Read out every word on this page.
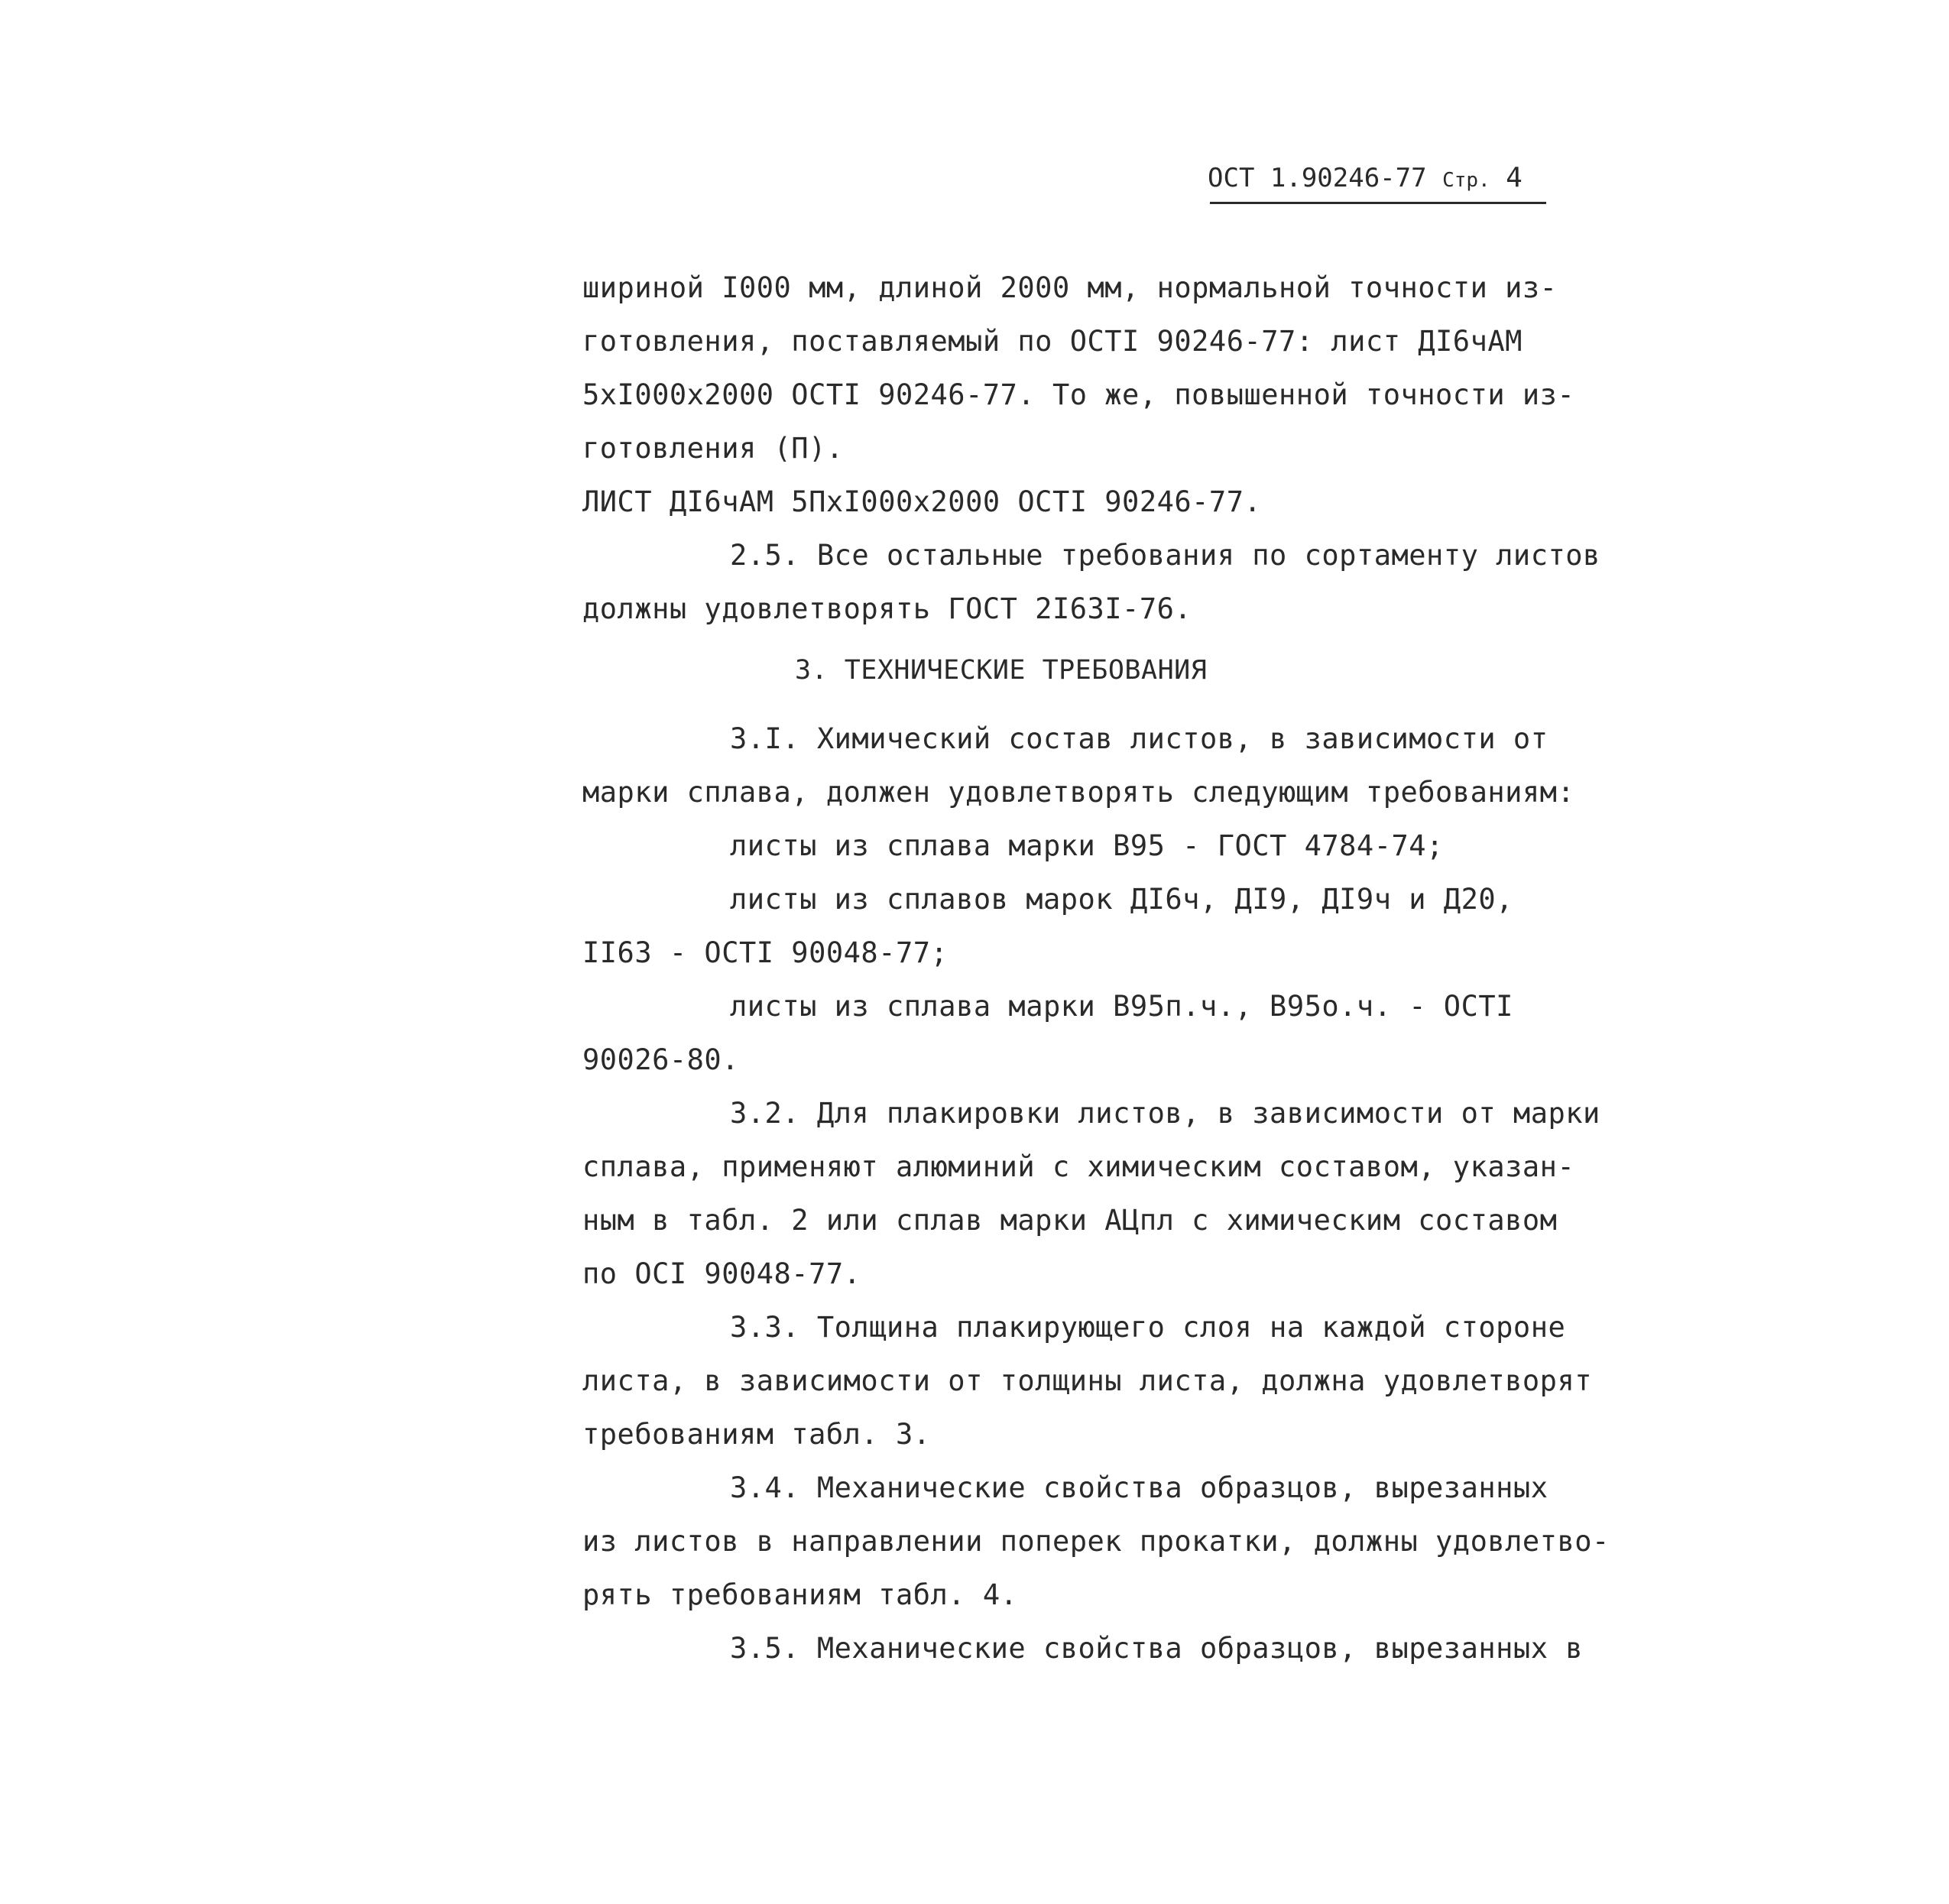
ОСТ 1.90246-77 Стр. 4
шириной I000 мм, длиной 2000 мм, нормальной точности из-
готовления, поставляемый по ОСТI 90246-77: лист ДI6чАМ
5хI000х2000 ОСТI 90246-77. То же, повышенной точности из-
готовления (П).
ЛИСТ ДI6чАМ 5ПхI000х2000 ОСТI 90246-77.
2.5. Все остальные требования по сортаменту листов
должны удовлетворять ГОСТ 2I63I-76.
3. ТЕХНИЧЕСКИЕ ТРЕБОВАНИЯ
3.I. Химический состав листов, в зависимости от
марки сплава, должен удовлетворять следующим требованиям:
листы из сплава марки В95 - ГОСТ 4784-74;
листы из сплавов марок ДI6ч, ДI9, ДI9ч и Д20,
II63 - ОСТI 90048-77;
листы из сплава марки В95п.ч., В95о.ч. - ОСТI
90026-80.
3.2. Для плакировки листов, в зависимости от марки
сплава, применяют алюминий с химическим составом, указан-
ным в табл. 2 или сплав марки АЦпл с химическим составом
по ОСI 90048-77.
3.3. Толщина плакирующего слоя на каждой стороне
листа, в зависимости от толщины листа, должна удовлетворят
требованиям табл. 3.
3.4. Механические свойства образцов, вырезанных
из листов в направлении поперек прокатки, должны удовлетво-
рять требованиям табл. 4.
3.5. Механические свойства образцов, вырезанных в
